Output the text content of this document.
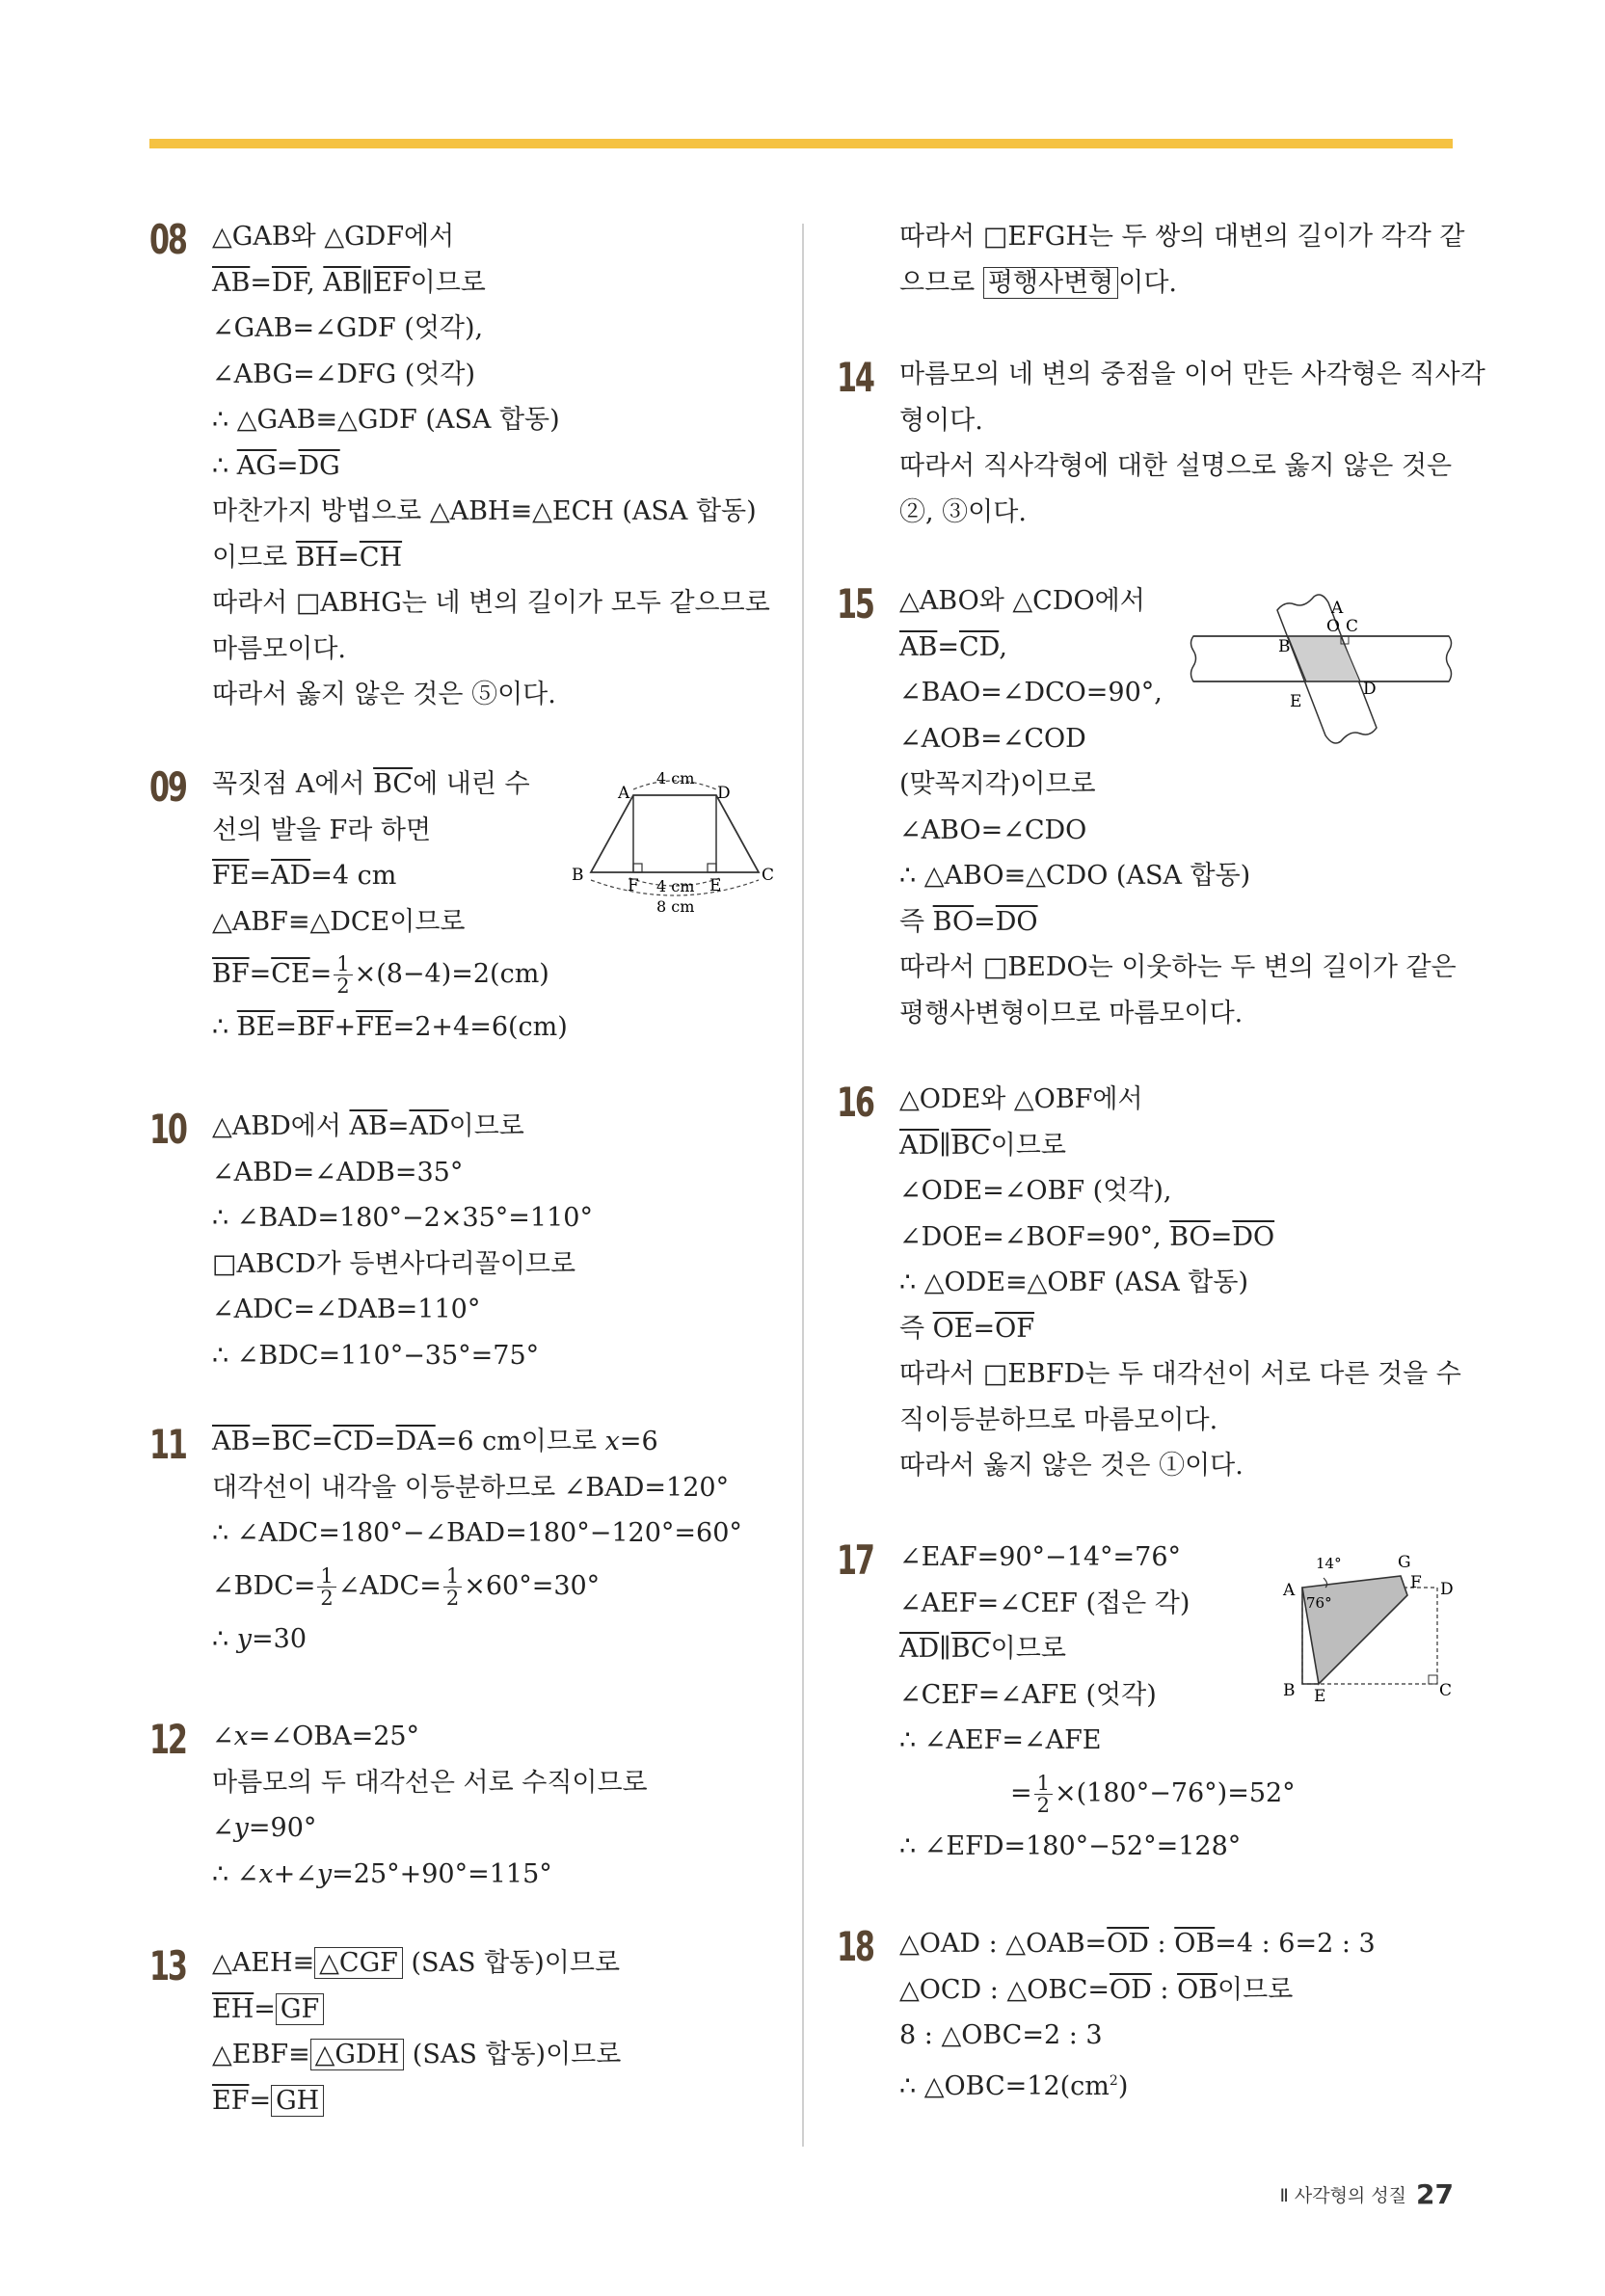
08 △GAB와 △GDF에서
$\overline{AB}=\overline{DF}$, $\overline{AB}\parallel\overline{EF}$이므로
∠GAB=∠GDF (엇각),
∠ABG=∠DFG (엇각)
∴ △GAB≡△GDF (ASA 합동)
∴ $\overline{AG}=\overline{DG}$
마찬가지 방법으로 △ABH≡△ECH (ASA 합동)
이므로 $\overline{BH}=\overline{CH}$
따라서 □ABHG는 네 변의 길이가 모두 같으므로
마름모이다.
따라서 옳지 않은 것은 ⑤이다.
09 꼭짓점 A에서 $\overline{BC}$에 내린 수
선의 발을 F라 하면
$\overline{FE}=\overline{AD}=4$ cm
△ABF≡△DCE이므로
$\overline{BF}=\overline{CE}= \frac{1}{2} \times(8-4)=2(cm)$
∴ $\overline{BE}=\overline{BF}+\overline{FE}=2+4=6(cm)$
10 △ABD에서 $\overline{AB}=\overline{AD}$이므로
∠ABD=∠ADB=35°
∴ ∠BAD=180°−2×35°=110°
□ABCD가 등변사다리꼴이므로
∠ADC=∠DAB=110°
∴ ∠BDC=110°−35°=75°
11 $\overline{AB}=\overline{BC}=\overline{CD}=\overline{DA}=6$ cm이므로 x=6
대각선이 내각을 이등분하므로 ∠BAD=120°
∴ ∠ADC=180°−∠BAD=180°−120°=60°
∠BDC= $\frac{1}{2}$ ∠ADC= $\frac{1}{2} \times 60^\circ=30^\circ$
∴ y=30
12 ∠x=∠OBA=25°
마름모의 두 대각선은 서로 수직이므로
∠y=90°
∴ ∠x+∠y=25°+90°=115°
13 △AEH≡ △CGF (SAS 합동)이므로
$\overline{EH}=$ GF
△EBF≡ △GDH (SAS 합동)이므로
$\overline{EF}=$ GH
따라서 □EFGH는 두 쌍의 대변의 길이가 각각 같
으므로 평행사변형 이다.
14 마름모의 네 변의 중점을 이어 만든 사각형은 직사각
형이다.
따라서 직사각형에 대한 설명으로 옳지 않은 것은
②, ③이다.
15 △ABO와 △CDO에서
$\overline{AB}=\overline{CD}$,
∠BAO=∠DCO=90°,
∠AOB=∠COD
(맞꼭지각)이므로
∠ABO=∠CDO
∴ △ABO≡△CDO (ASA 합동)
즉 $\overline{BO}=\overline{DO}$
따라서 □BEDO는 이웃하는 두 변의 길이가 같은
평행사변형이므로 마름모이다.
16 △ODE와 △OBF에서
$\overline{AD}\parallel\overline{BC}$이므로
∠ODE=∠OBF (엇각),
∠DOE=∠BOF=90°, $\overline{BO}=\overline{DO}$
∴ △ODE≡△OBF (ASA 합동)
즉 $\overline{OE}=\overline{OF}$
따라서 □EBFD는 두 대각선이 서로 다른 것을 수
직이등분하므로 마름모이다.
따라서 옳지 않은 것은 ①이다.
17 ∠EAF=90°−14°=76°
∠AEF=∠CEF (접은 각)
$\overline{AD}\parallel\overline{BC}$이므로
∠CEF=∠AFE (엇각)
∴ ∠AEF=∠AFE
= $\frac{1}{2} \times(180^\circ-76^\circ)=52^\circ$
∴ ∠EFD=180°−52°=128°
18 △OAD : $\triangle OAB=\overline{OD}$ : $\overline{OB}=4$ : 6=2 : 3
△OCD : $\triangle OBC=\overline{OD}$ : $\overline{OB}$이므로
8 : △OBC=2 : 3
∴ $\triangle OBC=12(cm^2)$
A	D
B	C
F	E
4 cm
4 cm
8 cm
A
O C
B
D
E
A
B	C
D
E
F
G
14°
76°
Ⅱ 사각형의 성질 27
